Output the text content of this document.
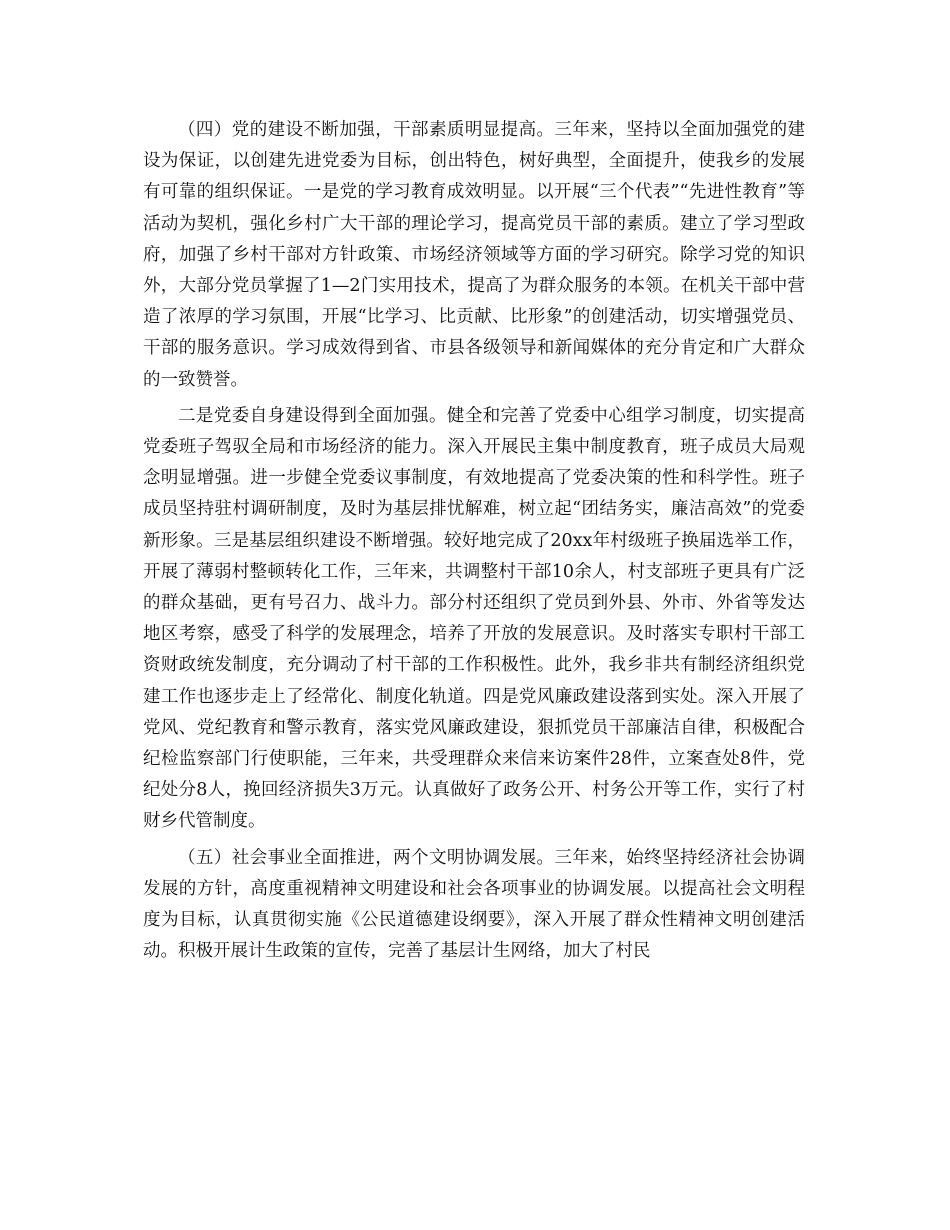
（四）党的建设不断加强，干部素质明显提高。三年来，坚持以全面加强党的建设为保证，以创建先进党委为目标，创出特色，树好典型，全面提升，使我乡的发展有可靠的组织保证。一是党的学习教育成效明显。以开展“三个代表”“先进性教育”等活动为契机，强化乡村广大干部的理论学习，提高党员干部的素质。建立了学习型政府，加强了乡村干部对方针政策、市场经济领域等方面的学习研究。除学习党的知识外，大部分党员掌握了1—2门实用技术，提高了为群众服务的本领。在机关干部中营造了浓厚的学习氛围，开展“比学习、比贡献、比形象”的创建活动，切实增强党员、干部的服务意识。学习成效得到省、市县各级领导和新闻媒体的充分肯定和广大群众的一致赞誉。

二是党委自身建设得到全面加强。健全和完善了党委中心组学习制度，切实提高党委班子驾驭全局和市场经济的能力。深入开展民主集中制度教育，班子成员大局观念明显增强。进一步健全党委议事制度，有效地提高了党委决策的性和科学性。班子成员坚持驻村调研制度，及时为基层排忧解难，树立起“团结务实，廉洁高效”的党委新形象。三是基层组织建设不断增强。较好地完成了20xx年村级班子换届选举工作，开展了薄弱村整顿转化工作，三年来，共调整村干部10余人，村支部班子更具有广泛的群众基础，更有号召力、战斗力。部分村还组织了党员到外县、外市、外省等发达地区考察，感受了科学的发展理念，培养了开放的发展意识。及时落实专职村干部工资财政统发制度，充分调动了村干部的工作积极性。此外，我乡非共有制经济组织党建工作也逐步走上了经常化、制度化轨道。四是党风廉政建设落到实处。深入开展了党风、党纪教育和警示教育，落实党风廉政建设，狠抓党员干部廉洁自律，积极配合纪检监察部门行使职能，三年来，共受理群众来信来访案件28件，立案查处8件，党纪处分8人，挽回经济损失3万元。认真做好了政务公开、村务公开等工作，实行了村财乡代管制度。

（五）社会事业全面推进，两个文明协调发展。三年来，始终坚持经济社会协调发展的方针，高度重视精神文明建设和社会各项事业的协调发展。以提高社会文明程度为目标，认真贯彻实施《公民道德建设纲要》，深入开展了群众性精神文明创建活动。积极开展计生政策的宣传，完善了基层计生网络，加大了村民
